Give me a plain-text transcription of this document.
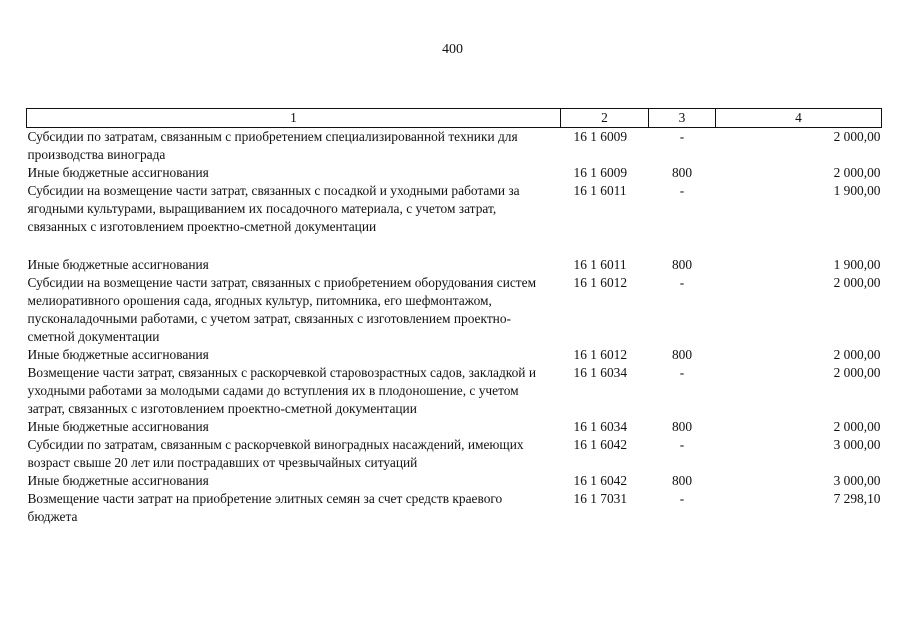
400
1	2	3	4
Субсидии по затратам, связанным с приобретением специализированной техники для производства винограда	16 1 6009	-	2 000,00
Иные бюджетные ассигнования	16 1 6009	800	2 000,00
Субсидии на возмещение части затрат, связанных с посадкой и уходными работами за ягодными культурами, выращиванием их посадочного материала, с учетом затрат, связанных с изготовлением проектно-сметной документации	16 1 6011	-	1 900,00
Иные бюджетные ассигнования	16 1 6011	800	1 900,00
Субсидии на возмещение части затрат, связанных с приобретением оборудования систем мелиоративного орошения сада, ягодных культур, питомника, его шефмонтажом, пусконаладочными работами, с учетом затрат, связанных с изготовлением проектно-сметной документации	16 1 6012	-	2 000,00
Иные бюджетные ассигнования	16 1 6012	800	2 000,00
Возмещение части затрат, связанных с раскорчевкой старовозрастных садов, закладкой и уходными работами за молодыми садами до вступления их в плодоношение, с учетом затрат, связанных с изготовлением проектно-сметной документации	16 1 6034	-	2 000,00
Иные бюджетные ассигнования	16 1 6034	800	2 000,00
Субсидии по затратам, связанным с раскорчевкой виноградных насаждений, имеющих возраст свыше 20 лет или пострадавших от чрезвычайных ситуаций	16 1 6042	-	3 000,00
Иные бюджетные ассигнования	16 1 6042	800	3 000,00
Возмещение части затрат на приобретение элитных семян за счет средств краевого бюджета	16 1 7031	-	7 298,10
